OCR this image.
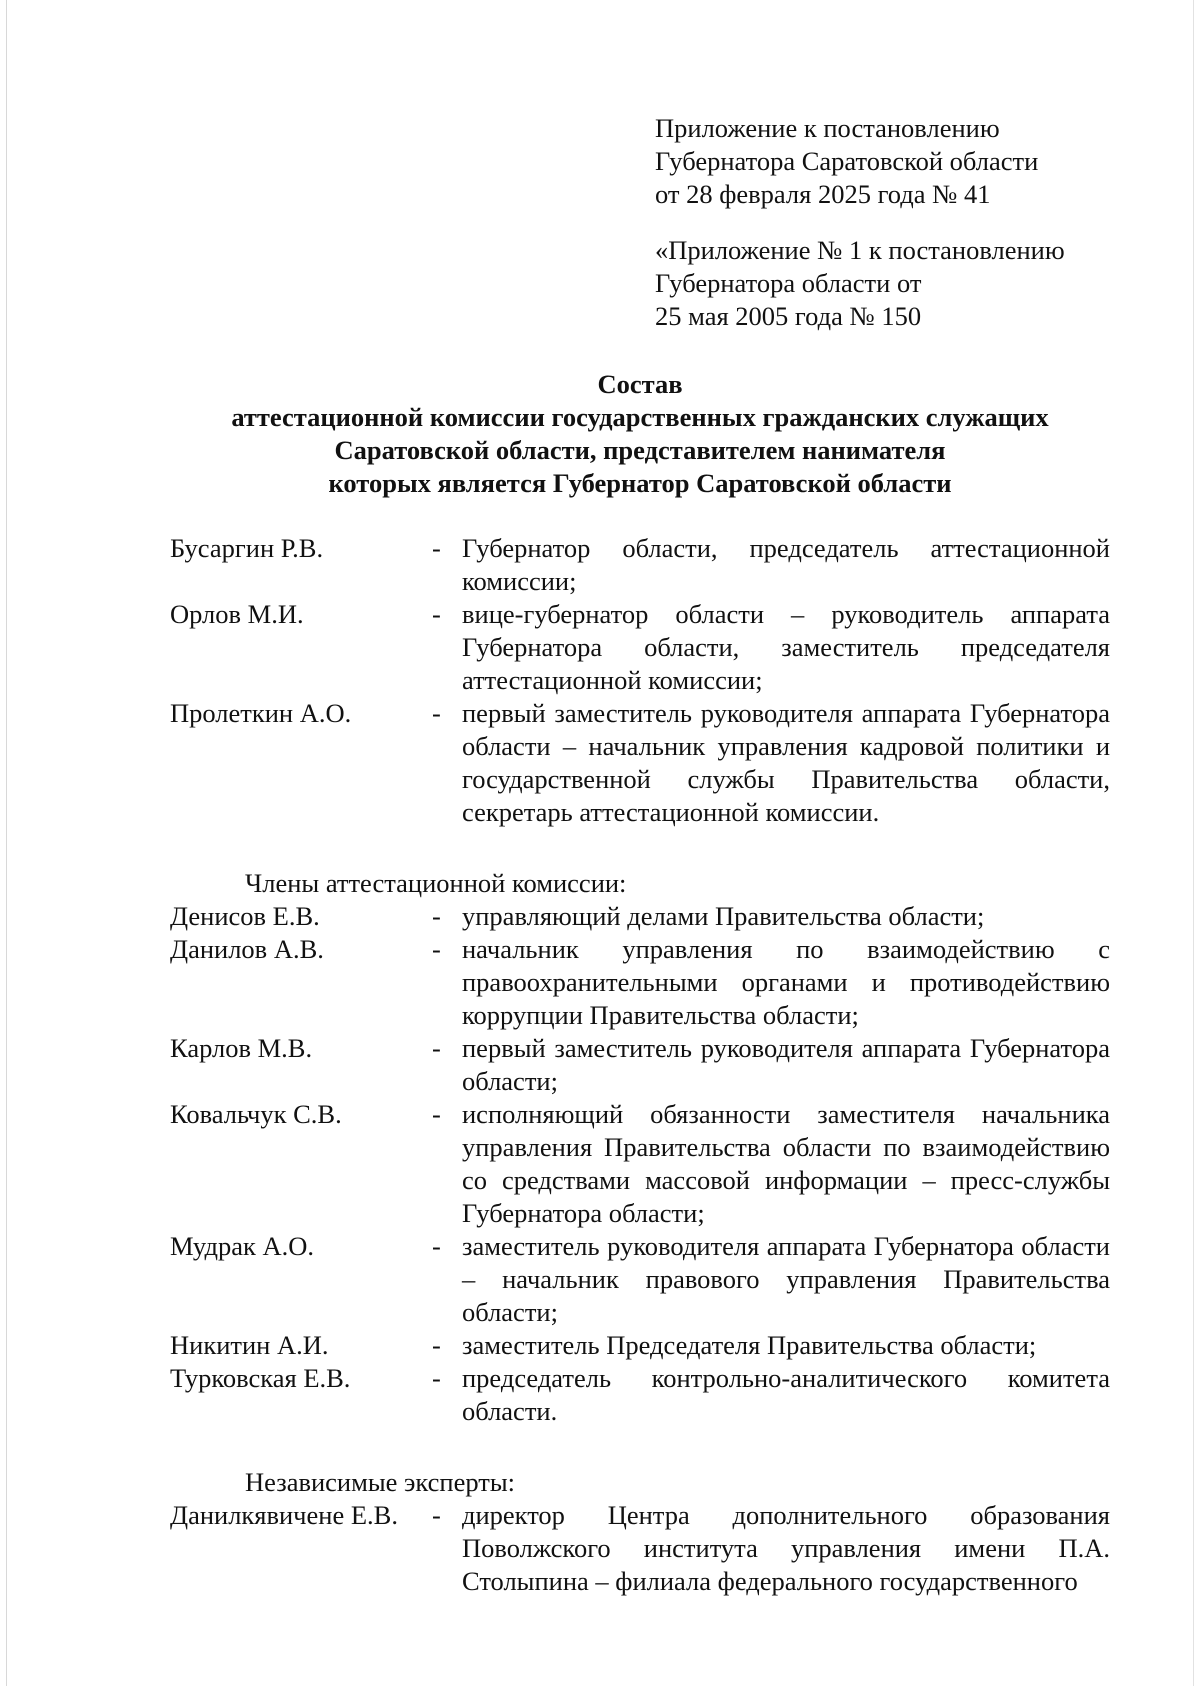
Приложение к постановлению
Губернатора Саратовской области
от 28 февраля 2025 года № 41
«Приложение № 1 к постановлению
Губернатора области от
25 мая 2005 года № 150
Состав
аттестационной комиссии государственных гражданских служащих
Саратовской области, представителем нанимателя
которых является Губернатор Саратовской области
Бусаргин Р.В.	- Губернатор области, председатель аттестационной комиссии;
Орлов М.И.	- вице-губернатор области – руководитель аппарата Губернатора области, заместитель председателя аттестационной комиссии;
Пролеткин А.О.	- первый заместитель руководителя аппарата Губернатора области – начальник управления кадровой политики и государственной службы Правительства области, секретарь аттестационной комиссии.
Члены аттестационной комиссии:
Денисов Е.В.	- управляющий делами Правительства области;
Данилов А.В.	- начальник управления по взаимодействию с правоохранительными органами и противодействию коррупции Правительства области;
Карлов М.В.	- первый заместитель руководителя аппарата Губернатора области;
Ковальчук С.В.	- исполняющий обязанности заместителя начальника управления Правительства области по взаимодействию со средствами массовой информации – пресс-службы Губернатора области;
Мудрак А.О.	- заместитель руководителя аппарата Губернатора области – начальник правового управления Правительства области;
Никитин А.И.	- заместитель Председателя Правительства области;
Турковская Е.В.	- председатель контрольно-аналитического комитета области.
Независимые эксперты:
Данилкявичене Е.В.	- директор Центра дополнительного образования Поволжского института управления имени П.А. Столыпина – филиала федерального государственного
